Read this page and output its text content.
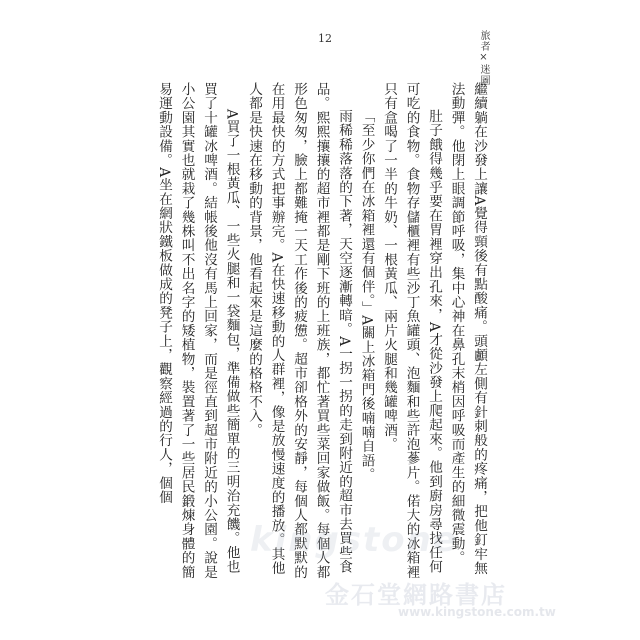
12	旅者×迷圖

繼續躺在沙發上讓A覺得頸後有點酸痛。頭顱左側有針刺般的疼痛，把他釘牢無法動彈。他閉上眼調節呼吸，集中心神在鼻孔末梢因呼吸而產生的細微震動。

肚子餓得幾乎要在胃裡穿出孔來，A才從沙發上爬起來。他到廚房尋找任何可吃的食物。食物存儲櫃裡有些沙丁魚罐頭、泡麵和些許泡蔘片。偌大的冰箱裡只有盒喝了一半的牛奶、一根黃瓜、兩片火腿和幾罐啤酒。

「至少你們在冰箱裡還有個伴。」A關上冰箱門後喃喃自語。

雨稀稀落落的下著，天空逐漸轉暗。A一拐一拐的走到附近的超市去買些食品。熙熙攘攘的超市裡都是剛下班的上班族，都忙著買些菜回家做飯。每個人都形色匆匆，臉上都難掩一天工作後的疲憊。超市卻格外的安靜，每個人都默默的在用最快的方式把事辦完。A在快速移動的人群裡，像是放慢速度的播放。其他人都是快速在移動的背景，他看起來是這麼的格格不入。

A買了一根黃瓜、一些火腿和一袋麵包，準備做些簡單的三明治充饑。他也買了十罐冰啤酒。結帳後他沒有馬上回家，而是徑直到超市附近的小公園。說是小公園其實也就栽了幾株叫不出名字的矮植物，裝置著了一些居民鍛煉身體的簡易運動設備。A坐在網狀鐵板做成的凳子上，觀察經過的行人，個個

kingstone
金石堂網路書店
www.kingstone.com.tw
